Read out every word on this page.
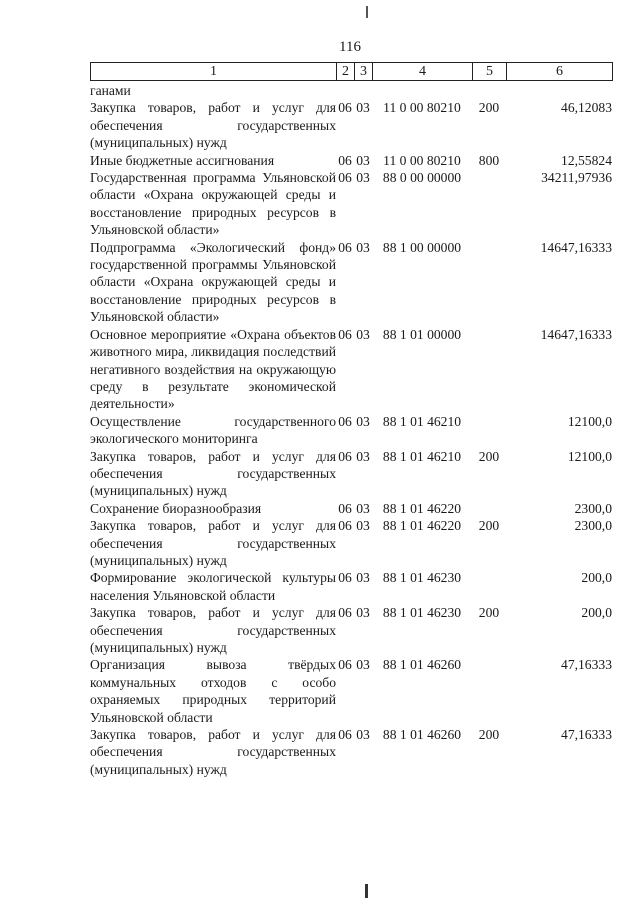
116
1	2	3	4	5	6
ганами					
Закупка товаров, работ и услуг для обеспечения государственных (муниципальных) нужд	06	03	11 0 00 80210	200	46,12083
Иные бюджетные ассигнования	06	03	11 0 00 80210	800	12,55824
Государственная программа Ульяновской области «Охрана окружающей среды и восстановление природных ресурсов в Ульяновской области»	06	03	88 0 00 00000		34211,97936
Подпрограмма «Экологический фонд» государственной программы Ульяновской области «Охрана окружающей среды и восстановление природных ресурсов в Ульяновской области»	06	03	88 1 00 00000		14647,16333
Основное мероприятие «Охрана объектов животного мира, ликвидация последствий негативного воздействия на окружающую среду в результате экономической деятельности»	06	03	88 1 01 00000		14647,16333
Осуществление государственного экологического мониторинга	06	03	88 1 01 46210		12100,0
Закупка товаров, работ и услуг для обеспечения государственных (муниципальных) нужд	06	03	88 1 01 46210	200	12100,0
Сохранение биоразнообразия	06	03	88 1 01 46220		2300,0
Закупка товаров, работ и услуг для обеспечения государственных (муниципальных) нужд	06	03	88 1 01 46220	200	2300,0
Формирование экологической культуры населения Ульяновской области	06	03	88 1 01 46230		200,0
Закупка товаров, работ и услуг для обеспечения государственных (муниципальных) нужд	06	03	88 1 01 46230	200	200,0
Организация вывоза твёрдых коммунальных отходов с особо охраняемых природных территорий Ульяновской области	06	03	88 1 01 46260		47,16333
Закупка товаров, работ и услуг для обеспечения государственных (муниципальных) нужд	06	03	88 1 01 46260	200	47,16333
